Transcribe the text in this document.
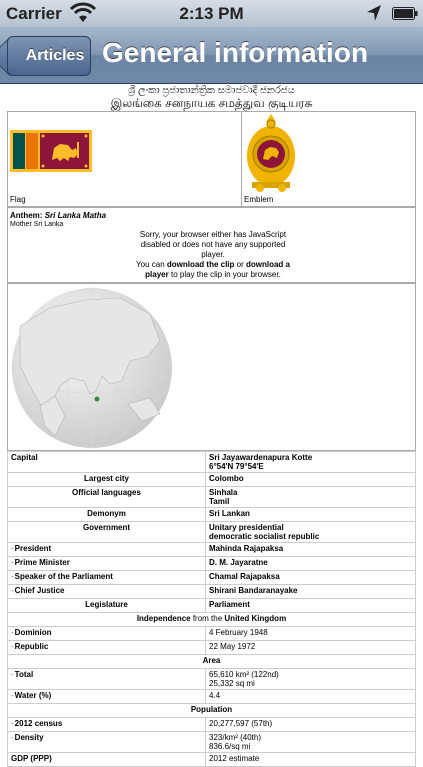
Carrier	2:13 PM
Articles General information
ශ්‍රී ලංකා ප්‍රජාතාන්ත්‍රික සමාජවාදී ජනරජය
இலங்கை சனநாயக சமத்துவ குடியரசு
Flag	Emblem
Anthem: Sri Lanka Matha
Mother Sri Lanka
Sorry, your browser either has JavaScript
disabled or does not have any supported
player.
You can download the clip or download a
player to play the clip in your browser.
Capital	Sri Jayawardenapura Kotte
6°54′N 79°54′E

Largest city	Colombo
Official languages	Sinhala
Tamil

Demonym	Sri Lankan
Government	Unitary presidential
democratic socialist republic

-President	Mahinda Rajapaksa
-Prime Minister	D. M. Jayaratne
-Speaker of the Parliament	Chamal Rajapaksa
-Chief Justice	Shirani Bandaranayake
Legislature	Parliament
Independence from the United Kingdom	
-Dominion	4 February 1948
-Republic	22 May 1972
Area	
-Total	65,610 km² (122nd)
25,332 sq mi

-Water (%)	4.4
Population	
-2012 census	20,277,597 (57th)
-Density	323/km² (40th)
836.6/sq mi

GDP (PPP)	2012 estimate
